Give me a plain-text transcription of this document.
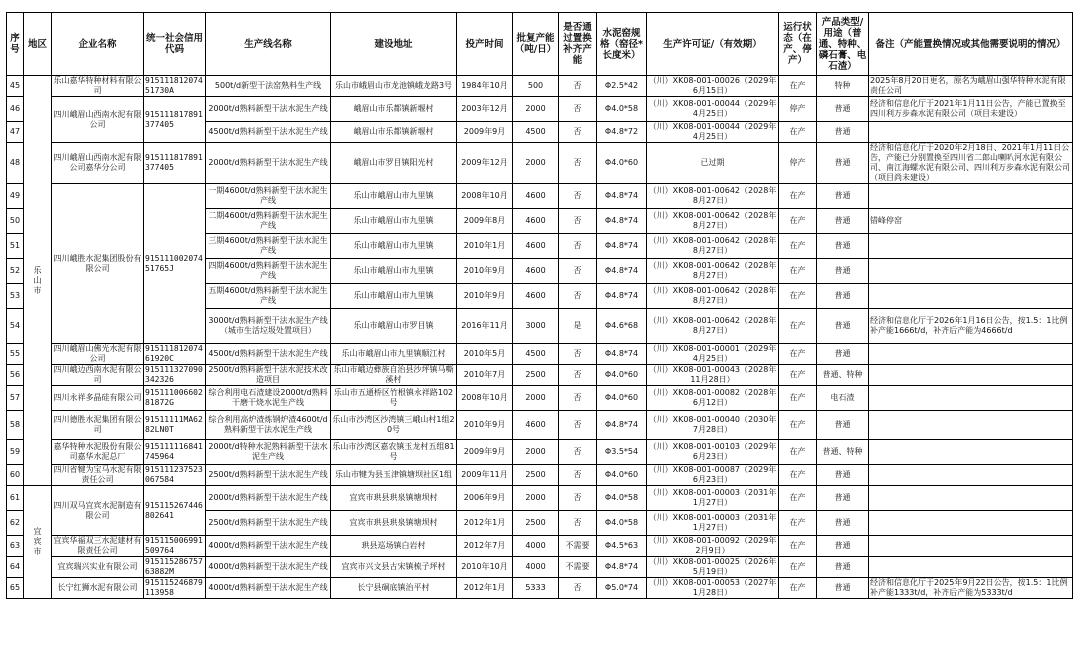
序号	地区	企业名称	统一社会信用代码	生产线名称	建设地址	投产时间	批复产能（吨/日）	是否通过置换补齐产能	水泥窑规格（窑径*长度米）	生产许可证/（有效期）	运行状态（在产、停产）	产品类型/用途（普通、特种、磷石膏、电石渣）	备注（产能置换情况或其他需要说明的情况）
45	乐山市	乐山嘉华特种材料有限公司	91511181207451730A	500t/d新型干法窑熟料生产线	乐山市峨眉山市龙池镇峨龙路3号	1984年10月	500	否	Φ2.5*42	（川）XK08-001-00026（2029年6月15日）	在产	特种	2025年8月20日更名，原名为峨眉山强华特种水泥有限责任公司
46		四川峨眉山西南水泥有限公司	915111817891377405	2000t/d熟料新型干法水泥生产线	峨眉山市乐都镇新堰村	2003年12月	2000	否	Φ4.0*58	（川）XK08-001-00044（2029年4月25日）	停产	普通	经济和信息化厅于2021年1月11日公告，产能已置换至四川利万步森水泥有限公司（项目未建设）
47				4500t/d熟料新型干法水泥生产线	峨眉山市乐都镇新堰村	2009年9月	4500	否	Φ4.8*72	（川）XK08-001-00044（2029年4月25日）	在产	普通	
48		四川峨眉山西南水泥有限公司嘉华分公司	915111817891377405	2000t/d熟料新型干法水泥生产线	峨眉山市罗目镇阳光村	2009年12月	2000	否	Φ4.0*60	已过期	停产	普通	经济和信息化厅于2020年2月18日、2021年1月11日公告，产能已分别置换至四川省二郎山喇叭河水泥有限公司、南江海螺水泥有限公司、四川利万步森水泥有限公司（项目尚未建设）
49		四川峨胜水泥集团股份有限公司	91511100207451765J	一期4600t/d熟料新型干法水泥生产线	乐山市峨眉山市九里镇	2008年10月	4600	否	Φ4.8*74	（川）XK08-001-00642（2028年8月27日）	在产	普通	
50				二期4600t/d熟料新型干法水泥生产线	乐山市峨眉山市九里镇	2009年8月	4600	否	Φ4.8*74	（川）XK08-001-00642（2028年8月27日）	在产	普通	错峰停窑
51				三期4600t/d熟料新型干法水泥生产线	乐山市峨眉山市九里镇	2010年1月	4600	否	Φ4.8*74	（川）XK08-001-00642（2028年8月27日）	在产	普通	
52				四期4600t/d熟料新型干法水泥生产线	乐山市峨眉山市九里镇	2010年9月	4600	否	Φ4.8*74	（川）XK08-001-00642（2028年8月27日）	在产	普通	
53				五期4600t/d熟料新型干法水泥生产线	乐山市峨眉山市九里镇	2010年9月	4600	否	Φ4.8*74	（川）XK08-001-00642（2028年8月27日）	在产	普通	
54				3000t/d熟料新型干法水泥生产线（城市生活垃圾处置项目）	乐山市峨眉山市罗目镇	2016年11月	3000	是	Φ4.6*68	（川）XK08-001-00642（2028年8月27日）	在产	普通	经济和信息化厅于2026年1月16日公告，按1.5：1比例补产能1666t/d，补齐后产能为4666t/d
55		四川峨眉山佛光水泥有限公司	91511181207461920C	4500t/d熟料新型干法水泥生产线	乐山市峨眉山市九里镇顺江村	2010年5月	4500	否	Φ4.8*74	（川）XK08-001-00001（2029年4月25日）	在产	普通	
56		四川峨边西南水泥有限公司	915111327090342326	2500t/d熟料新型干法水泥技术改造项目	乐山市峨边彝族自治县沙坪镇马嘶溪村	2010年7月	2500	否	Φ4.0*60	（川）XK08-001-00043（2028年11月28日）	在产	普通、特种	
57		四川永祥多晶硅有限公司	91511100660281872G	综合利用电石渣建设2000t/d熟料干磨干烧水泥生产线	乐山市五通桥区竹根镇永祥路102号	2008年10月	2000	否	Φ4.0*60	（川）XK08-001-00082（2028年6月12日）	在产	电石渣	
58		四川德胜水泥集团有限公司	91511111MA6282LN0T	综合利用高炉渣炼钢炉渣4600t/d熟料新型干法水泥生产线	乐山市沙湾区沙湾镇三峨山村1组20号	2010年9月	4600	否	Φ4.8*74	（川）XK08-001-00040（2030年7月28日）	在产	普通	
59		嘉华特种水泥股份有限公司嘉华水泥总厂	915111116841745964	2000t/d特种水泥熟料新型干法水泥生产线	乐山市沙湾区嘉农镇玉龙村五组81号	2009年9月	2000	否	Φ3.5*54	（川）XK08-001-00103（2029年6月23日）	在产	普通、特种	
60		四川省犍为宝马水泥有限责任公司	915111237523067584	2500t/d熟料新型干法水泥生产线	乐山市犍为县玉津镇塘坝社区1组	2009年11月	2500	否	Φ4.0*60	（川）XK08-001-00087（2029年6月23日）	在产	普通	
61	宜宾市	四川双马宜宾水泥制造有限公司	915115267446802641	2000t/d熟料新型干法水泥生产线	宜宾市珙县珙泉镇塘坝村	2006年9月	2000	否	Φ4.0*58	（川）XK08-001-00003（2031年1月27日）	在产	普通	
62				2500t/d熟料新型干法水泥生产线	宜宾市珙县珙泉镇塘坝村	2012年1月	2500	否	Φ4.0*58	（川）XK08-001-00003（2031年1月27日）	在产	普通	
63		宜宾华福双三水泥建材有限责任公司	915115006991509764	4000t/d熟料新型干法水泥生产线	珙县巡场镇白岩村	2012年7月	4000	不需要	Φ4.5*63	（川）XK08-001-00092（2029年2月9日）	在产	普通	
64		宜宾瑞兴实业有限公司	91511528675763882M	4000t/d熟料新型干法水泥生产线	宜宾市兴文县古宋镇梳子坪村	2010年10月	4000	不需要	Φ4.8*74	（川）XK08-001-00025（2026年5月19日）	在产	普通	
65		长宁红狮水泥有限公司	915115246879113958	4000t/d熟料新型干法水泥生产线	长宁县硐底镇治平村	2012年1月	5333	否	Φ5.0*74	（川）XK08-001-00053（2027年1月28日）	在产	普通	经济和信息化厅于2025年9月22日公告，按1.5：1比例补产能1333t/d，补齐后产能为5333t/d
